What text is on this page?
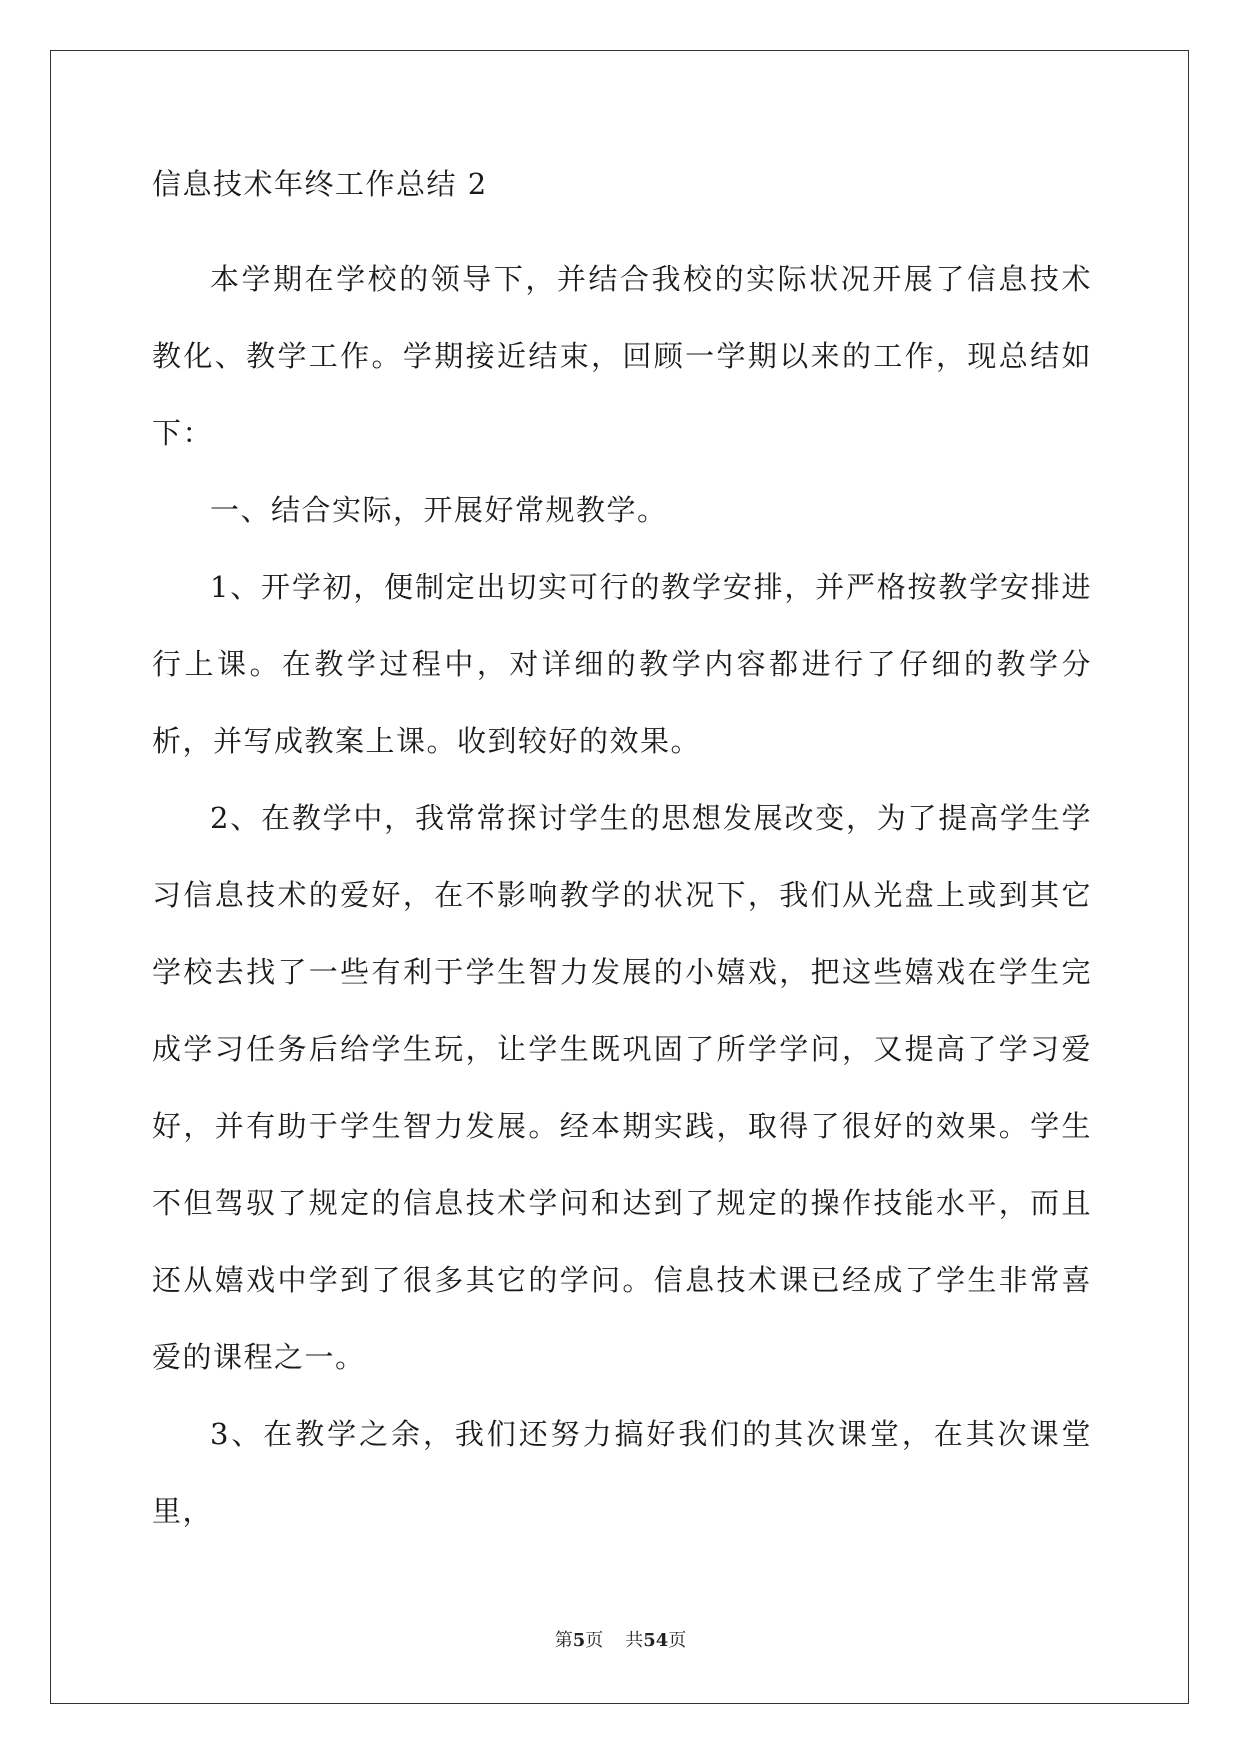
信息技术年终工作总结 2

本学期在学校的领导下，并结合我校的实际状况开展了信息技术教化、教学工作。学期接近结束，回顾一学期以来的工作，现总结如下：

一、结合实际，开展好常规教学。

1、开学初，便制定出切实可行的教学安排，并严格按教学安排进行上课。在教学过程中，对详细的教学内容都进行了仔细的教学分析，并写成教案上课。收到较好的效果。

2、在教学中，我常常探讨学生的思想发展改变，为了提高学生学习信息技术的爱好，在不影响教学的状况下，我们从光盘上或到其它学校去找了一些有利于学生智力发展的小嬉戏，把这些嬉戏在学生完成学习任务后给学生玩，让学生既巩固了所学学问，又提高了学习爱好，并有助于学生智力发展。经本期实践，取得了很好的效果。学生不但驾驭了规定的信息技术学问和达到了规定的操作技能水平，而且还从嬉戏中学到了很多其它的学问。信息技术课已经成了学生非常喜爱的课程之一。

3、在教学之余，我们还努力搞好我们的其次课堂，在其次课堂里，

第5页 共54页
